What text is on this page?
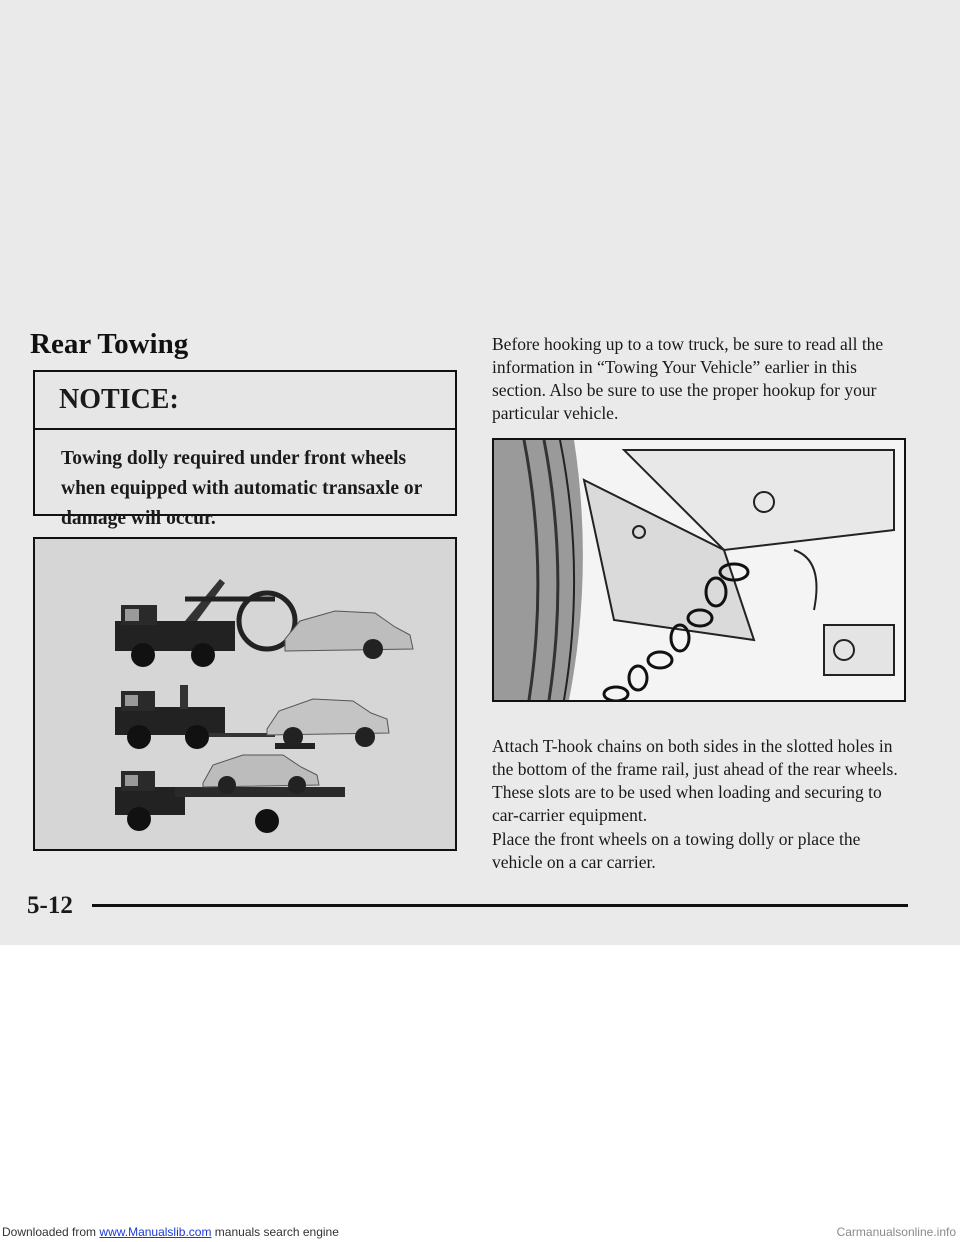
Rear Towing
NOTICE:
Towing dolly required under front wheels when equipped with automatic transaxle or damage will occur.

Before hooking up to a tow truck, be sure to read all the information in “Towing Your Vehicle” earlier in this section. Also be sure to use the proper hookup for your particular vehicle.

Attach T-hook chains on both sides in the slotted holes in the bottom of the frame rail, just ahead of the rear wheels. These slots are to be used when loading and securing to car-carrier equipment.

Place the front wheels on a towing dolly or place the vehicle on a car carrier.

5-12
Downloaded from www.Manualslib.com manuals search engine	Carmanualsonline.info
